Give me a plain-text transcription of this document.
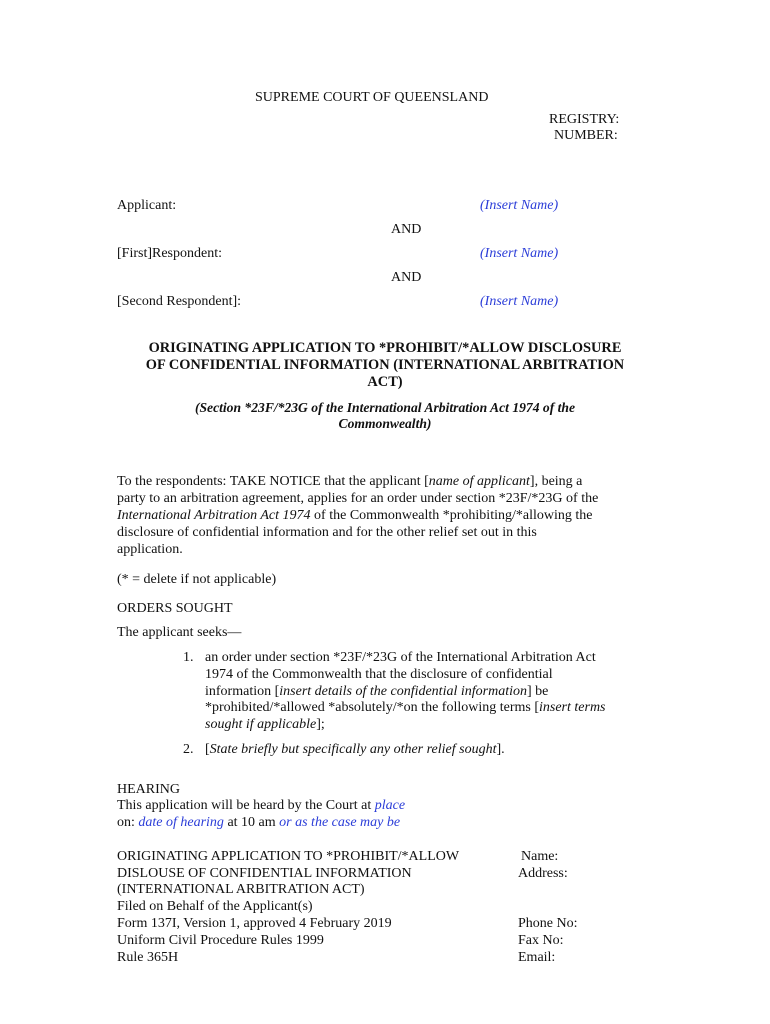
SUPREME COURT OF QUEENSLAND
REGISTRY:
NUMBER:
Applicant:	(Insert Name)
AND
[First]Respondent:	(Insert Name)
AND
[Second Respondent]:	(Insert Name)
ORIGINATING APPLICATION TO *PROHIBIT/*ALLOW DISCLOSURE
OF CONFIDENTIAL INFORMATION (INTERNATIONAL ARBITRATION
ACT)
(Section *23F/*23G of the International Arbitration Act 1974 of the
Commonwealth)
To the respondents: TAKE NOTICE that the applicant [name of applicant], being a
party to an arbitration agreement, applies for an order under section *23F/*23G of the
International Arbitration Act 1974 of the Commonwealth *prohibiting/*allowing the
disclosure of confidential information and for the other relief set out in this
application.
(* = delete if not applicable)
ORDERS SOUGHT
The applicant seeks—
1. an order under section *23F/*23G of the International Arbitration Act
1974 of the Commonwealth that the disclosure of confidential
information [insert details of the confidential information] be
*prohibited/*allowed *absolutely/*on the following terms [insert terms
sought if applicable];
2. [State briefly but specifically any other relief sought].
HEARING
This application will be heard by the Court at place
on: date of hearing at 10 am or as the case may be
ORIGINATING APPLICATION TO *PROHIBIT/*ALLOW
DISLOUSE OF CONFIDENTIAL INFORMATION
(INTERNATIONAL ARBITRATION ACT)
Filed on Behalf of the Applicant(s)
Form 137I, Version 1, approved 4 February 2019
Uniform Civil Procedure Rules 1999
Rule 365H
Name:
Address:
Phone No:
Fax No:
Email:
